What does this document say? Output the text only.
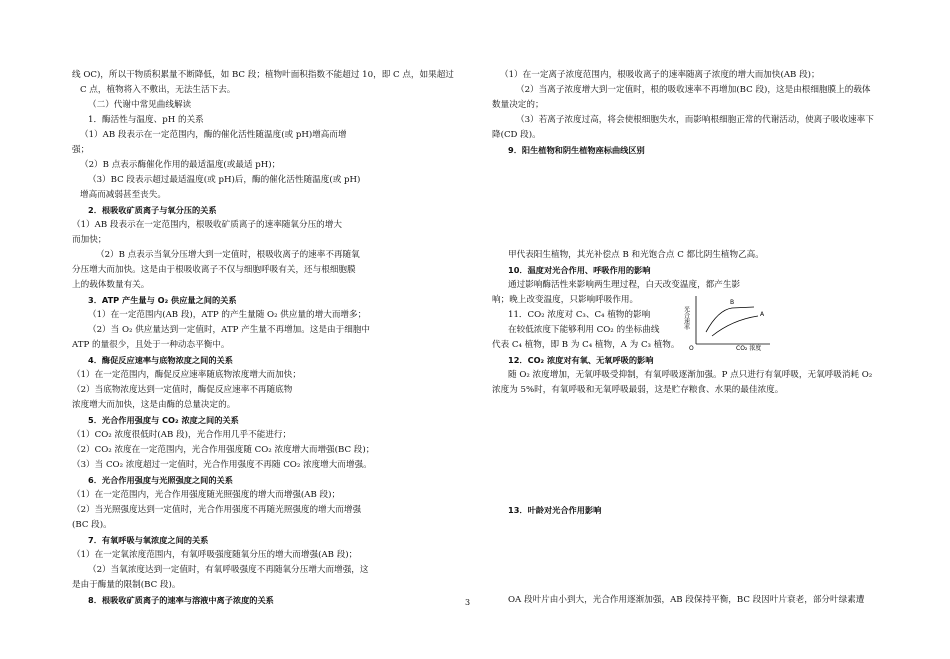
线 OC)，所以干物质积累量不断降低，如 BC 段；植物叶面积指数不能超过 10，即 C 点，如果超过
C 点，植物将入不敷出，无法生活下去。
（二）代谢中常见曲线解读
1．酶活性与温度、pH 的关系
（1）AB 段表示在一定范围内，酶的催化活性随温度(或 pH)增高而增
强；
（2）B 点表示酶催化作用的最适温度(或最适 pH)；
（3）BC 段表示超过最适温度(或 pH)后，酶的催化活性随温度(或 pH)
增高而减弱甚至丧失。
2．根吸收矿质离子与氧分压的关系
（1）AB 段表示在一定范围内，根吸收矿质离子的速率随氧分压的增大
而加快；
（2）B 点表示当氧分压增大到一定值时，根吸收离子的速率不再随氧
分压增大而加快。这是由于根吸收离子不仅与细胞呼吸有关，还与根细胞膜
上的载体数量有关。
3．ATP 产生量与 O₂ 供应量之间的关系
（1）在一定范围内(AB 段)，ATP 的产生量随 O₂ 供应量的增大而增多；
（2）当 O₂ 供应量达到一定值时，ATP 产生量不再增加。这是由于细胞中
ATP 的量很少，且处于一种动态平衡中。
4．酶促反应速率与底物浓度之间的关系
（1）在一定范围内，酶促反应速率随底物浓度增大而加快；
（2）当底物浓度达到一定值时，酶促反应速率不再随底物
浓度增大而加快，这是由酶的总量决定的。
5．光合作用强度与 CO₂ 浓度之间的关系
（1）CO₂ 浓度很低时(AB 段)，光合作用几乎不能进行；
（2）CO₂ 浓度在一定范围内，光合作用强度随 CO₂ 浓度增大而增强(BC 段)；
（3）当 CO₂ 浓度超过一定值时，光合作用强度不再随 CO₂ 浓度增大而增强。
6．光合作用强度与光照强度之间的关系
（1）在一定范围内，光合作用强度随光照强度的增大而增强(AB 段)；
（2）当光照强度达到一定值时，光合作用强度不再随光照强度的增大而增强
(BC 段)。
7．有氧呼吸与氧浓度之间的关系
（1）在一定氧浓度范围内，有氧呼吸强度随氧分压的增大而增强(AB 段)；
（2）当氧浓度达到一定值时，有氧呼吸强度不再随氧分压增大而增强，这
是由于酶量的限制(BC 段)。
8．根吸收矿质离子的速率与溶液中离子浓度的关系
（1）在一定离子浓度范围内，根吸收离子的速率随离子浓度的增大而加快(AB 段)；
（2）当离子浓度增大到一定值时，根的吸收速率不再增加(BC 段)，这是由根细胞膜上的载体
数量决定的；
（3）若离子浓度过高，将会使根细胞失水，而影响根细胞正常的代谢活动，使离子吸收速率下
降(CD 段)。
9．阳生植物和阴生植物座标曲线区别
甲代表阳生植物，其光补偿点 B 和光饱合点 C 都比阴生植物乙高。
10．温度对光合作用、呼吸作用的影响
通过影响酶活性来影响两生理过程，白天改变温度，都产生影
响；晚上改变温度，只影响呼吸作用。
11．CO₂ 浓度对 C₃、C₄ 植物的影响
在较低浓度下能够利用 CO₂ 的坐标曲线
代表 C₄ 植物，即 B 为 C₄ 植物，A 为 C₃ 植物。
12．CO₂ 浓度对有氧、无氧呼吸的影响
随 O₂ 浓度增加，无氧呼吸受抑制，有氧呼吸逐渐加强。P 点只进行有氧呼吸，无氧呼吸消耗 O₂
浓度为 5%时，有氧呼吸和无氧呼吸最弱，这是贮存粮食、水果的最佳浓度。
13．叶龄对光合作用影响
OA 段叶片由小到大，光合作用逐渐加强，AB 段保持平衡，BC 段因叶片衰老，部分叶绿素遭
光合速率
O	CO₂ 浓度
B
A
3
